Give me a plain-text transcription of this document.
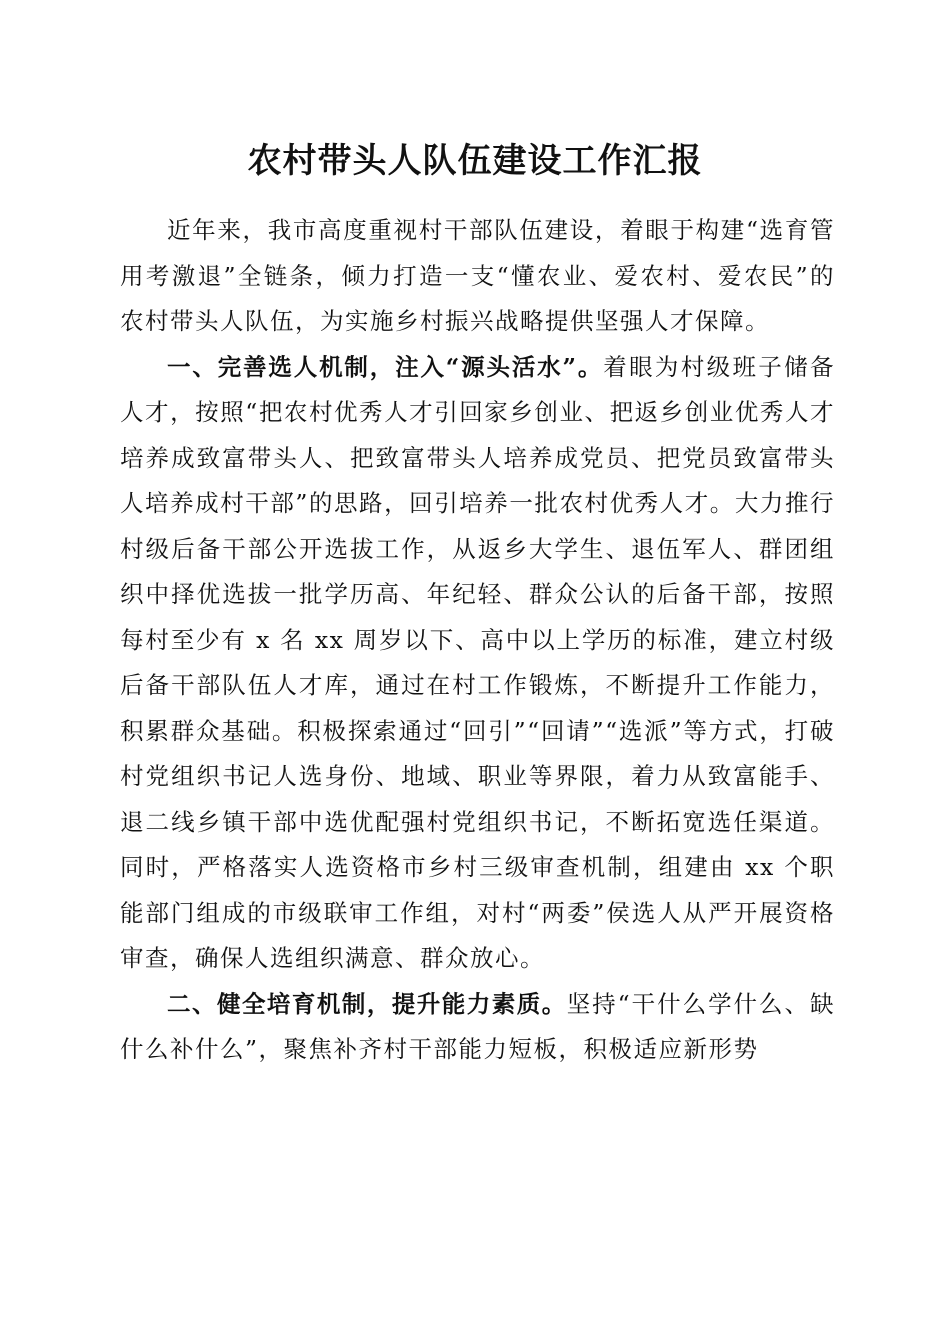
农村带头人队伍建设工作汇报

近年来，我市高度重视村干部队伍建设，着眼于构建“选育管用考激退”全链条，倾力打造一支“懂农业、爱农村、爱农民”的农村带头人队伍，为实施乡村振兴战略提供坚强人才保障。

一、完善选人机制，注入“源头活水”。着眼为村级班子储备人才，按照“把农村优秀人才引回家乡创业、把返乡创业优秀人才培养成致富带头人、把致富带头人培养成党员、把党员致富带头人培养成村干部”的思路，回引培养一批农村优秀人才。大力推行村级后备干部公开选拔工作，从返乡大学生、退伍军人、群团组织中择优选拔一批学历高、年纪轻、群众公认的后备干部，按照每村至少有 x 名 xx 周岁以下、高中以上学历的标准，建立村级后备干部队伍人才库，通过在村工作锻炼，不断提升工作能力，积累群众基础。积极探索通过“回引”“回请”“选派”等方式，打破村党组织书记人选身份、地域、职业等界限，着力从致富能手、退二线乡镇干部中选优配强村党组织书记，不断拓宽选任渠道。同时，严格落实人选资格市乡村三级审查机制，组建由 xx 个职能部门组成的市级联审工作组，对村“两委”侯选人从严开展资格审查，确保人选组织满意、群众放心。

二、健全培育机制，提升能力素质。坚持“干什么学什么、缺什么补什么”，聚焦补齐村干部能力短板，积极适应新形势
